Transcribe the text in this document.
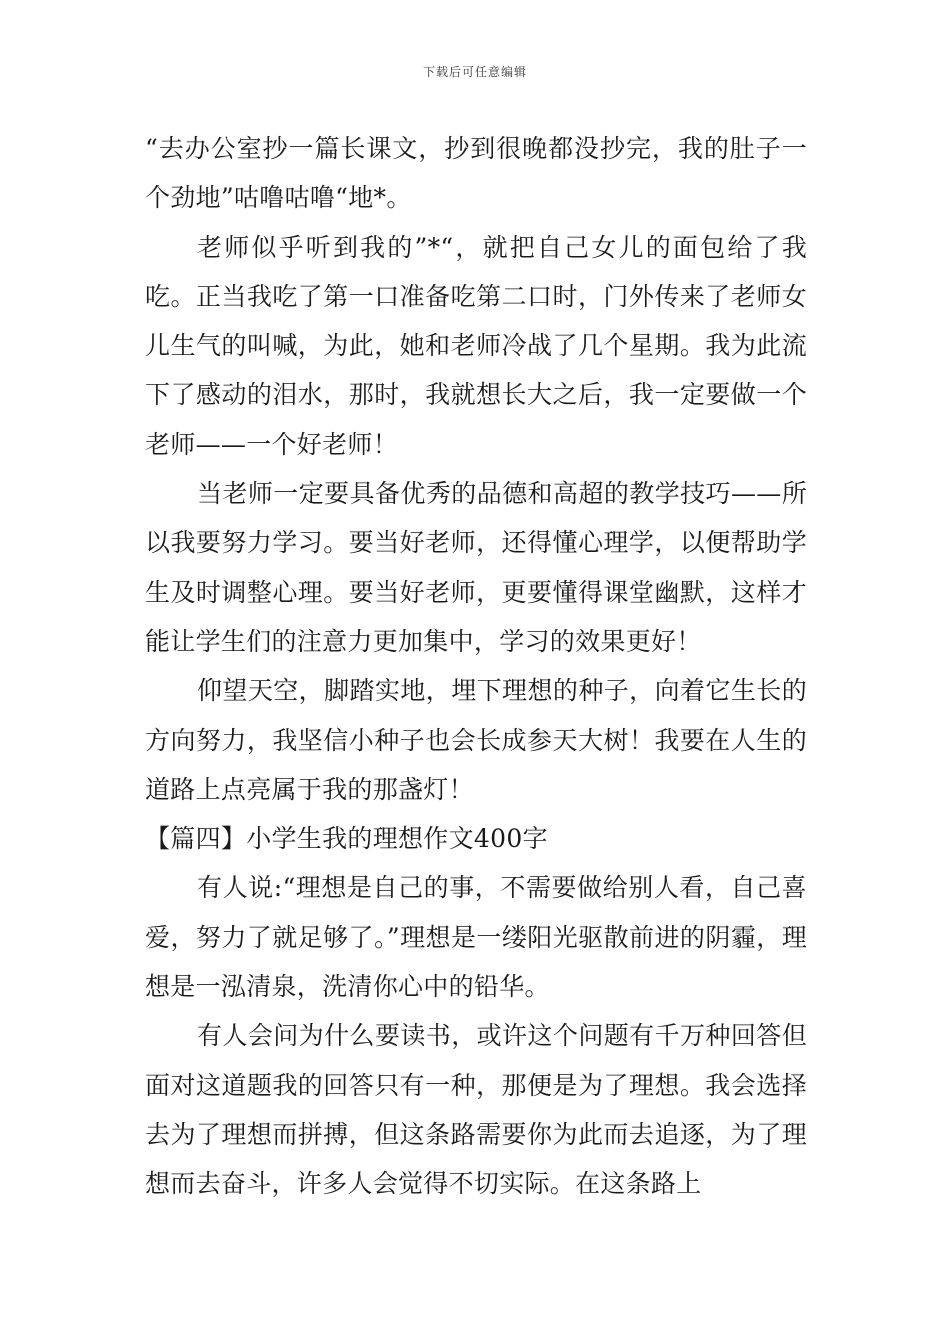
下载后可任意编辑

“去办公室抄一篇长课文，抄到很晚都没抄完，我的肚子一个劲地”咕噜咕噜“地*。

老师似乎听到我的”*“，就把自己女儿的面包给了我吃。正当我吃了第一口准备吃第二口时，门外传来了老师女儿生气的叫喊，为此，她和老师冷战了几个星期。我为此流下了感动的泪水，那时，我就想长大之后，我一定要做一个老师——一个好老师！

当老师一定要具备优秀的品德和高超的教学技巧——所以我要努力学习。要当好老师，还得懂心理学，以便帮助学生及时调整心理。要当好老师，更要懂得课堂幽默，这样才能让学生们的注意力更加集中，学习的效果更好！

仰望天空，脚踏实地，埋下理想的种子，向着它生长的方向努力，我坚信小种子也会长成参天大树！我要在人生的道路上点亮属于我的那盏灯！

【篇四】小学生我的理想作文400字

有人说:“理想是自己的事，不需要做给别人看，自己喜爱，努力了就足够了。”理想是一缕阳光驱散前进的阴霾，理想是一泓清泉，洗清你心中的铅华。

有人会问为什么要读书，或许这个问题有千万种回答但面对这道题我的回答只有一种，那便是为了理想。我会选择去为了理想而拼搏，但这条路需要你为此而去追逐，为了理想而去奋斗，许多人会觉得不切实际。在这条路上
